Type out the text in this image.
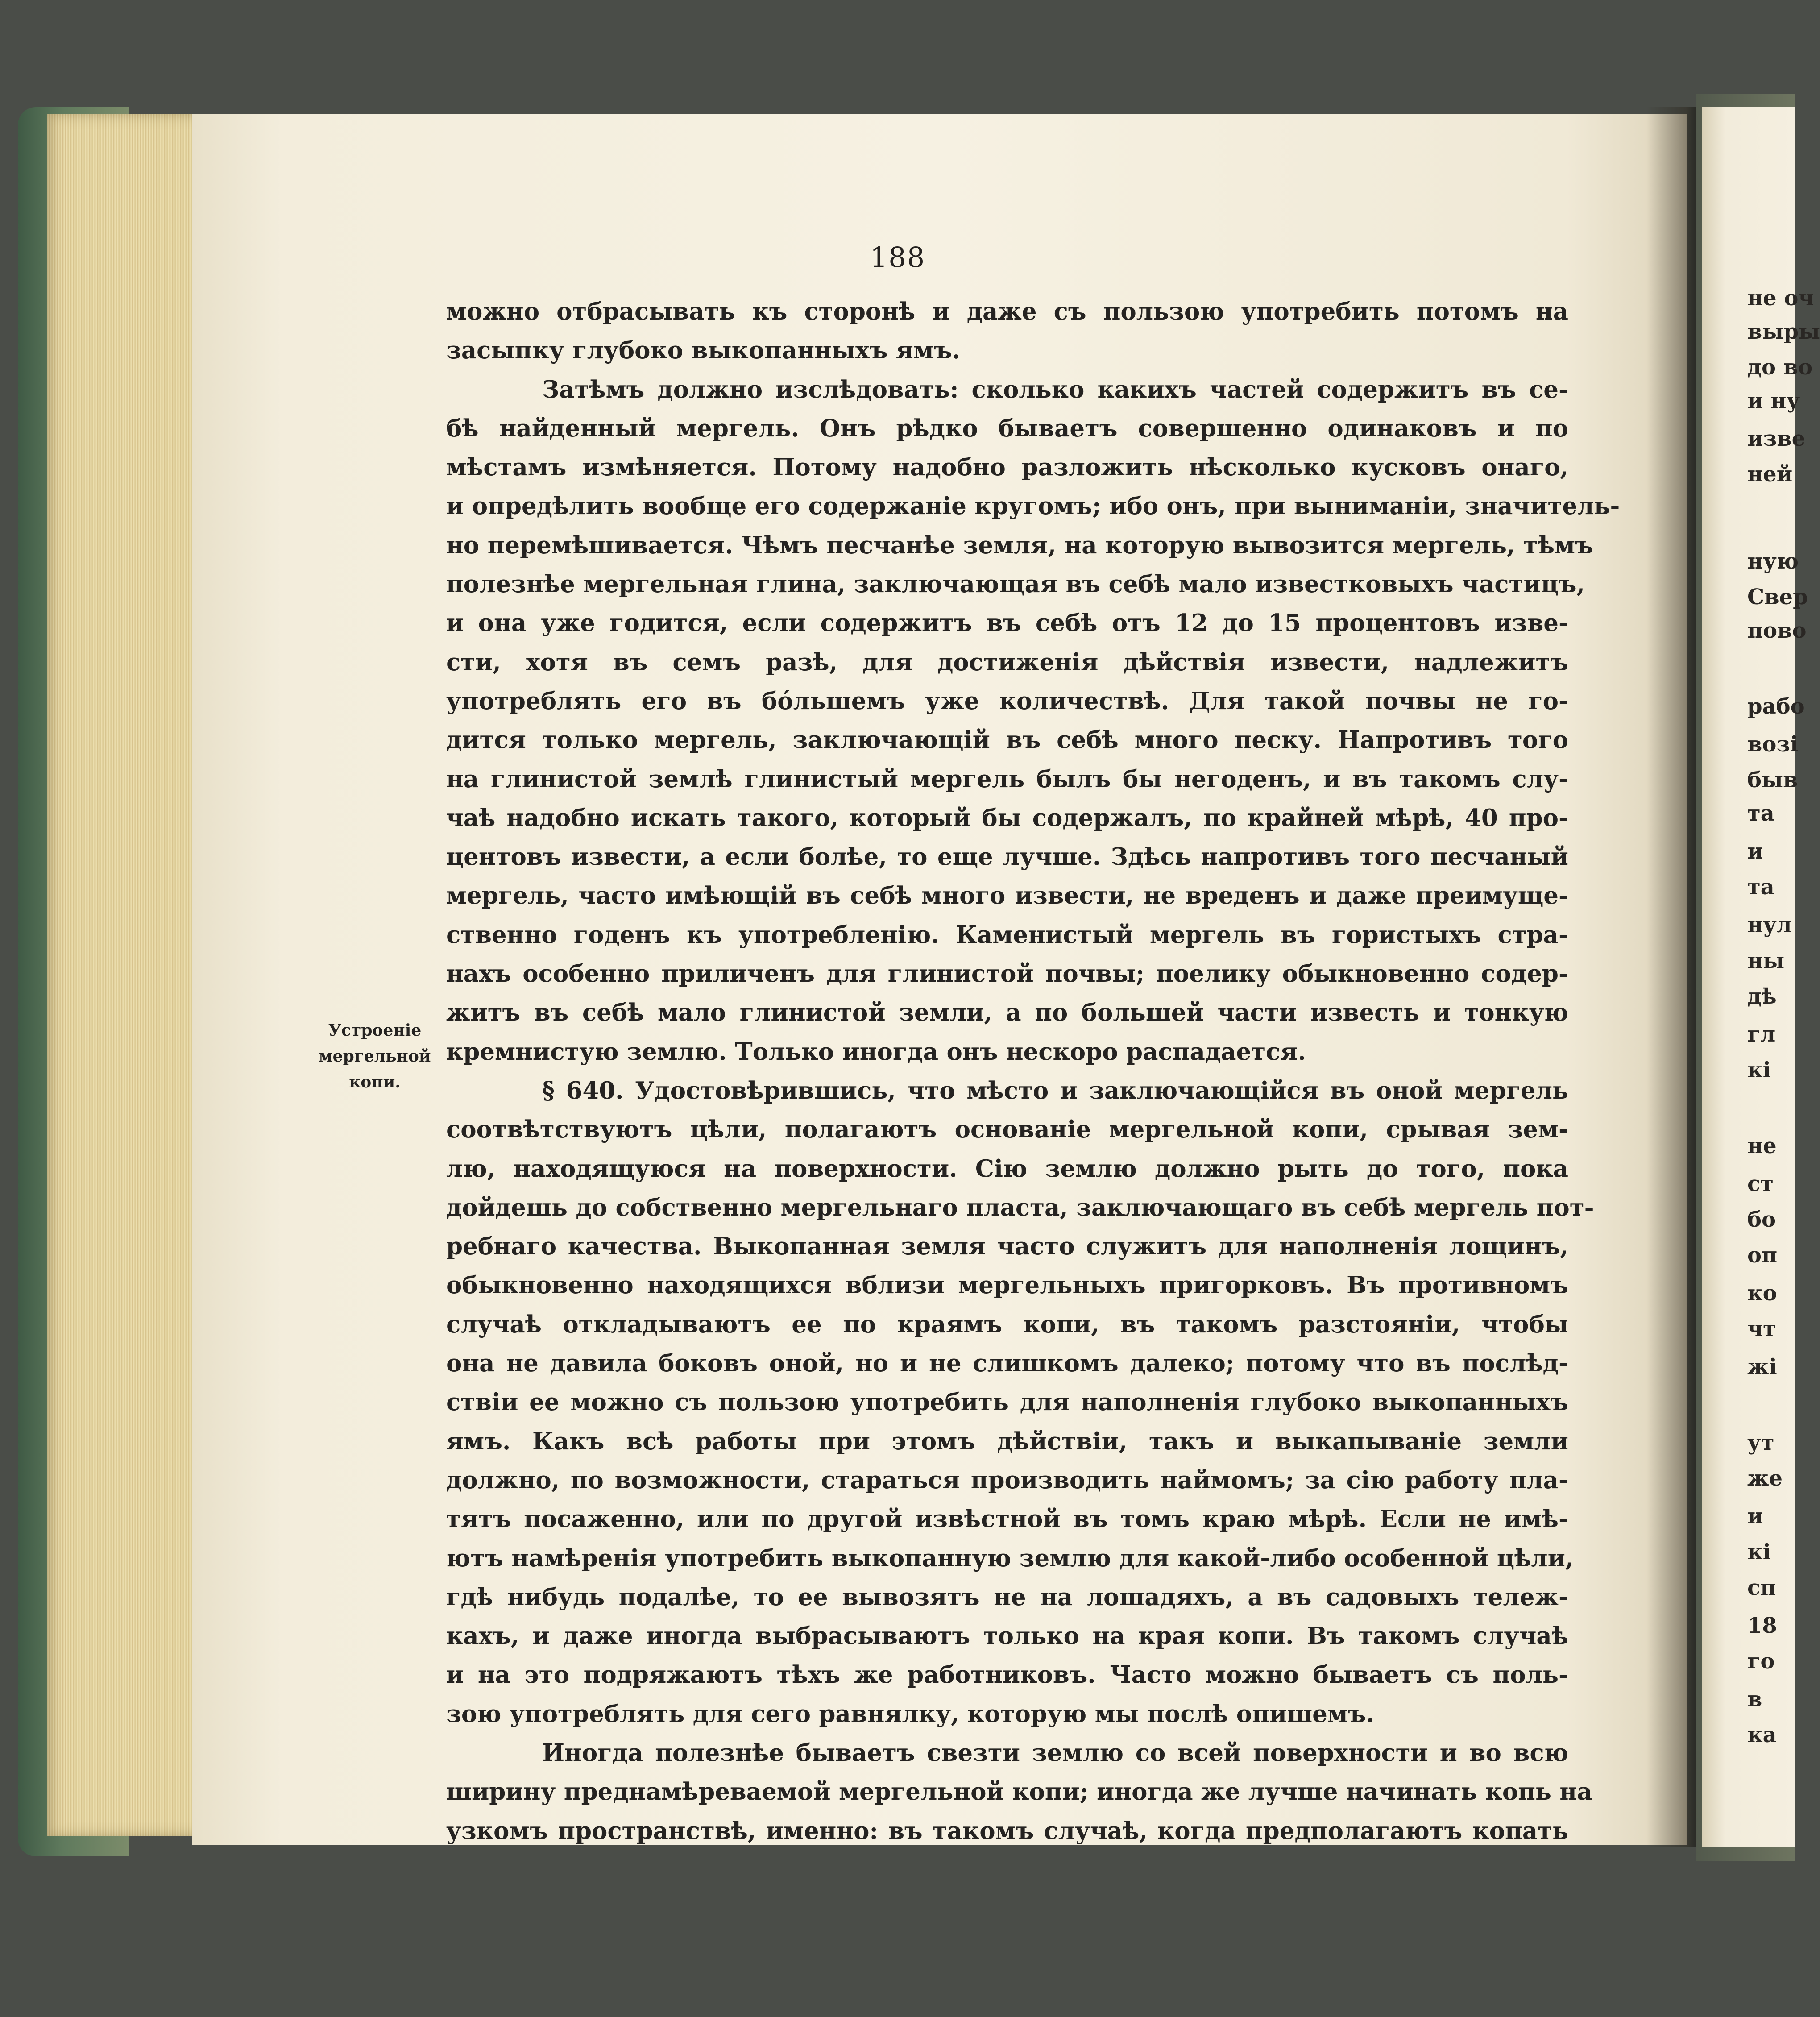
188
Устроеніе
мергельной
копи.
можно отбрасывать къ сторонѣ и даже съ пользою употребить потомъ на
засыпку глубоко выкопанныхъ ямъ.
Затѣмъ должно изслѣдовать: сколько какихъ частей содержитъ въ се-
бѣ найденный мергель. Онъ рѣдко бываетъ совершенно одинаковъ и по
мѣстамъ измѣняется. Потому надобно разложить нѣсколько кусковъ онаго,
и опредѣлить вообще его содержаніе кругомъ; ибо онъ, при выниманіи, значитель-
но перемѣшивается. Чѣмъ песчанѣе земля, на которую вывозится мергель, тѣмъ
полезнѣе мергельная глина, заключающая въ себѣ мало известковыхъ частицъ,
и она уже годится, если содержитъ въ себѣ отъ 12 до 15 процентовъ изве-
сти, хотя въ семъ разѣ, для достиженія дѣйствія извести, надлежитъ
употреблять его въ бо́льшемъ уже количествѣ. Для такой почвы не го-
дится только мергель, заключающій въ себѣ много песку. Напротивъ того
на глинистой землѣ глинистый мергель былъ бы негоденъ, и въ такомъ слу-
чаѣ надобно искать такого, который бы содержалъ, по крайней мѣрѣ, 40 про-
центовъ извести, а если болѣе, то еще лучше. Здѣсь напротивъ того песчаный
мергель, часто имѣющій въ себѣ много извести, не вреденъ и даже преимуще-
ственно годенъ къ употребленію. Каменистый мергель въ гористыхъ стра-
нахъ особенно приличенъ для глинистой почвы; поелику обыкновенно содер-
житъ въ себѣ мало глинистой земли, а по большей части известь и тонкую
кремнистую землю. Только иногда онъ нескоро распадается.
§ 640. Удостовѣрившись, что мѣсто и заключающійся въ оной мергель
соотвѣтствуютъ цѣли, полагаютъ основаніе мергельной копи, срывая зем-
лю, находящуюся на поверхности. Сію землю должно рыть до того, пока
дойдешь до собственно мергельнаго пласта, заключающаго въ себѣ мергель пот-
ребнаго качества. Выкопанная земля часто служитъ для наполненія лощинъ,
обыкновенно находящихся вблизи мергельныхъ пригорковъ. Въ противномъ
случаѣ откладываютъ ее по краямъ копи, въ такомъ разстояніи, чтобы
она не давила боковъ оной, но и не слишкомъ далеко; потому что въ послѣд-
ствіи ее можно съ пользою употребить для наполненія глубоко выкопанныхъ
ямъ. Какъ всѣ работы при этомъ дѣйствіи, такъ и выкапываніе земли
должно, по возможности, стараться производить наймомъ; за сію работу пла-
тятъ посаженно, или по другой извѣстной въ томъ краю мѣрѣ. Если не имѣ-
ютъ намѣренія употребить выкопанную землю для какой-либо особенной цѣли,
гдѣ нибудь подалѣе, то ее вывозятъ не на лошадяхъ, а въ садовыхъ тележ-
кахъ, и даже иногда выбрасываютъ только на края копи. Въ такомъ случаѣ
и на это подряжаютъ тѣхъ же работниковъ. Часто можно бываетъ съ поль-
зою употреблять для сего равнялку, которую мы послѣ опишемъ.
Иногда полезнѣе бываетъ свезти землю со всей поверхности и во всю
ширину преднамѣреваемой мергельной копи; иногда же лучше начинать копь на
узкомъ пространствѣ, именно: въ такомъ случаѣ, когда предполагаютъ копать
не оч
выры
до во
и ну
изве
ней
ную
Свер
пово
рабо
возі
быв
та
и
та
нул
ны
дѣ
гл
кі
не
ст
бо
оп
ко
чт
жі
ут
же
и
кі
сп
18
го
в
ка
